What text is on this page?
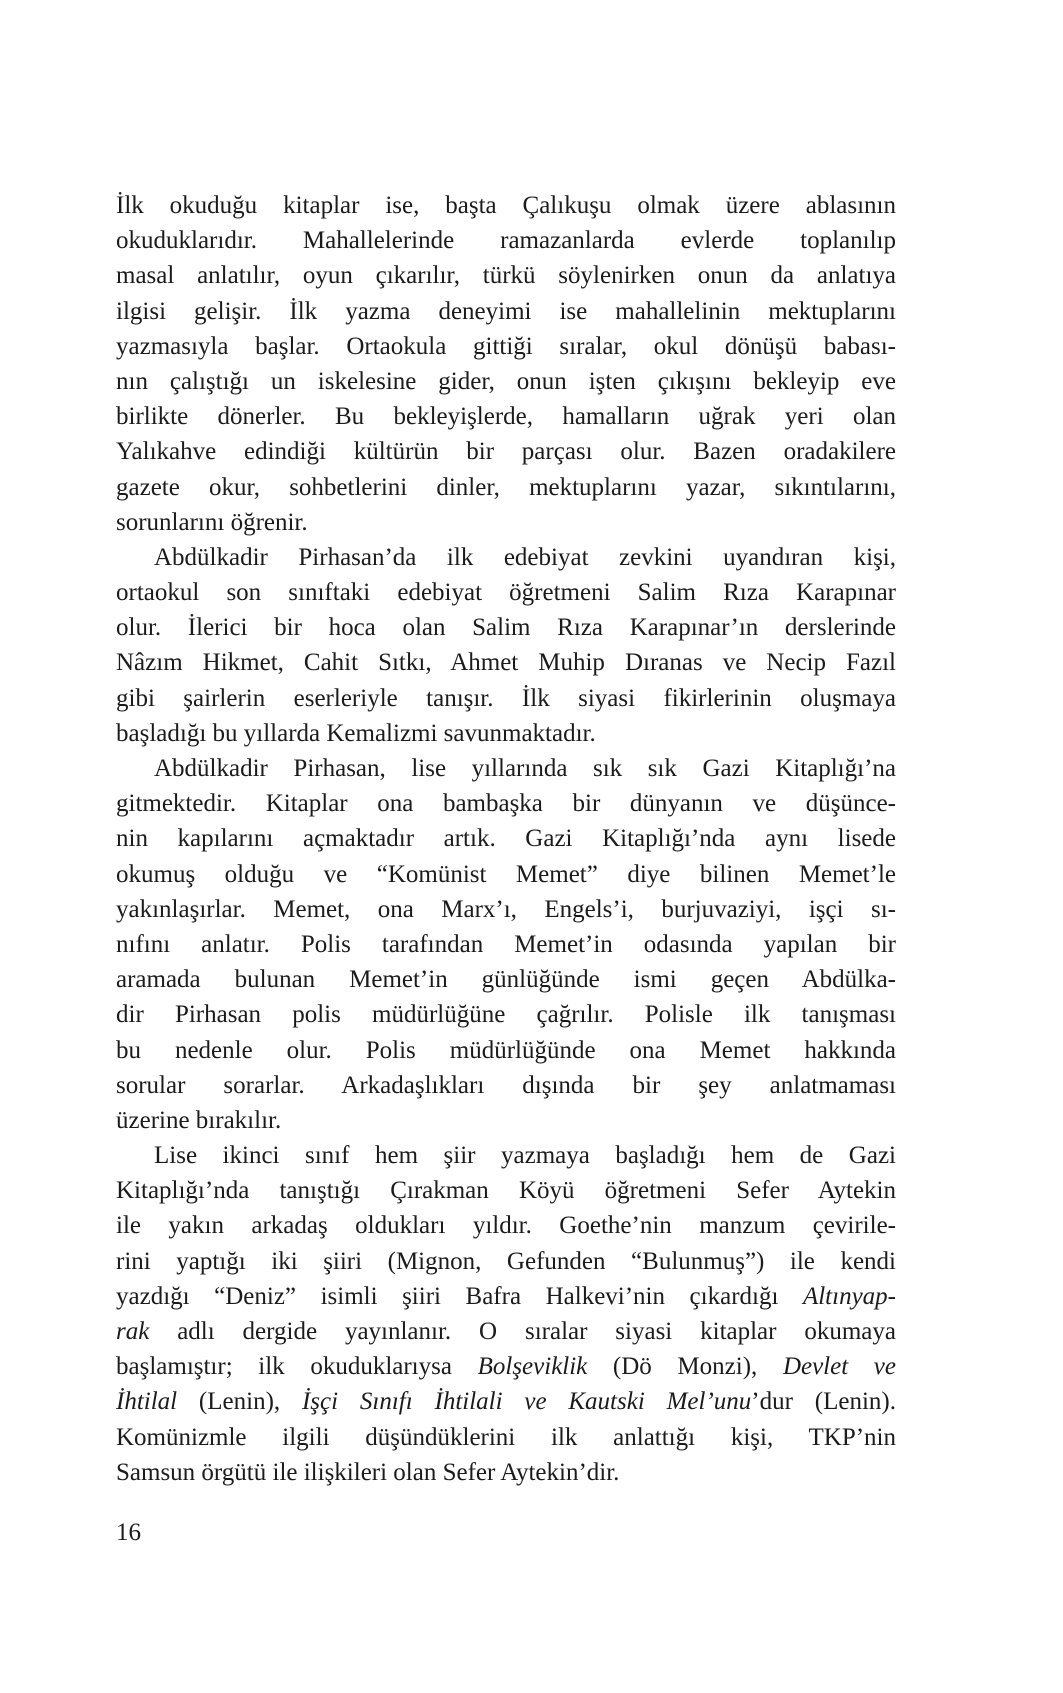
İlk okuduğu kitaplar ise, başta Çalıkuşu olmak üzere ablasının
okuduklarıdır. Mahallelerinde ramazanlarda evlerde toplanılıp
masal anlatılır, oyun çıkarılır, türkü söylenirken onun da anlatıya
ilgisi gelişir. İlk yazma deneyimi ise mahallelinin mektuplarını
yazmasıyla başlar. Ortaokula gittiği sıralar, okul dönüşü babası-
nın çalıştığı un iskelesine gider, onun işten çıkışını bekleyip eve
birlikte dönerler. Bu bekleyişlerde, hamalların uğrak yeri olan
Yalıkahve edindiği kültürün bir parçası olur. Bazen oradakilere
gazete okur, sohbetlerini dinler, mektuplarını yazar, sıkıntılarını,
sorunlarını öğrenir.
Abdülkadir Pirhasan’da ilk edebiyat zevkini uyandıran kişi,
ortaokul son sınıftaki edebiyat öğretmeni Salim Rıza Karapınar
olur. İlerici bir hoca olan Salim Rıza Karapınar’ın derslerinde
Nâzım Hikmet, Cahit Sıtkı, Ahmet Muhip Dıranas ve Necip Fazıl
gibi şairlerin eserleriyle tanışır. İlk siyasi fikirlerinin oluşmaya
başladığı bu yıllarda Kemalizmi savunmaktadır.
Abdülkadir Pirhasan, lise yıllarında sık sık Gazi Kitaplığı’na
gitmektedir. Kitaplar ona bambaşka bir dünyanın ve düşünce-
nin kapılarını açmaktadır artık. Gazi Kitaplığı’nda aynı lisede
okumuş olduğu ve “Komünist Memet” diye bilinen Memet’le
yakınlaşırlar. Memet, ona Marx’ı, Engels’i, burjuvaziyi, işçi sı-
nıfını anlatır. Polis tarafından Memet’in odasında yapılan bir
aramada bulunan Memet’in günlüğünde ismi geçen Abdülka-
dir Pirhasan polis müdürlüğüne çağrılır. Polisle ilk tanışması
bu nedenle olur. Polis müdürlüğünde ona Memet hakkında
sorular sorarlar. Arkadaşlıkları dışında bir şey anlatmaması
üzerine bırakılır.
Lise ikinci sınıf hem şiir yazmaya başladığı hem de Gazi
Kitaplığı’nda tanıştığı Çırakman Köyü öğretmeni Sefer Aytekin
ile yakın arkadaş oldukları yıldır. Goethe’nin manzum çevirile-
rini yaptığı iki şiiri (Mignon, Gefunden “Bulunmuş”) ile kendi
yazdığı “Deniz” isimli şiiri Bafra Halkevi’nin çıkardığı Altınyap-
rak adlı dergide yayınlanır. O sıralar siyasi kitaplar okumaya
başlamıştır; ilk okuduklarıysa Bolşeviklik (Dö Monzi), Devlet ve
İhtilal (Lenin), İşçi Sınıfı İhtilali ve Kautski Mel’unu’dur (Lenin).
Komünizmle ilgili düşündüklerini ilk anlattığı kişi, TKP’nin
Samsun örgütü ile ilişkileri olan Sefer Aytekin’dir.
16
